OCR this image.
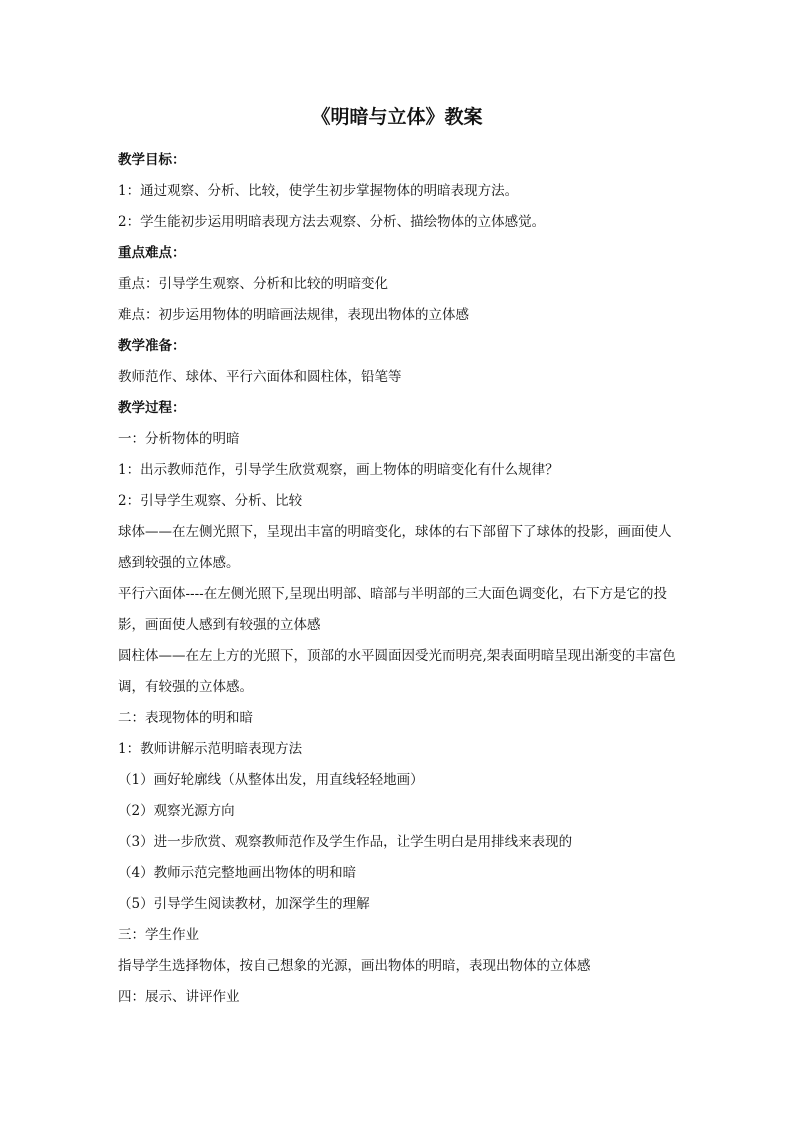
《明暗与立体》教案
教学目标：
1：通过观察、分析、比较，使学生初步掌握物体的明暗表现方法。
2：学生能初步运用明暗表现方法去观察、分析、描绘物体的立体感觉。
重点难点：
重点：引导学生观察、分析和比较的明暗变化
难点：初步运用物体的明暗画法规律，表现出物体的立体感
教学准备：
教师范作、球体、平行六面体和圆柱体，铅笔等
教学过程：
一：分析物体的明暗
1：出示教师范作，引导学生欣赏观察，画上物体的明暗变化有什么规律？
2：引导学生观察、分析、比较
球体——在左侧光照下，呈现出丰富的明暗变化，球体的右下部留下了球体的投影，画面使人感到较强的立体感。
平行六面体----在左侧光照下,呈现出明部、暗部与半明部的三大面色调变化，右下方是它的投影，画面使人感到有较强的立体感
圆柱体——在左上方的光照下，顶部的水平圆面因受光而明亮,架表面明暗呈现出渐变的丰富色调，有较强的立体感。
二：表现物体的明和暗
1：教师讲解示范明暗表现方法
（1）画好轮廓线（从整体出发，用直线轻轻地画）
（2）观察光源方向
（3）进一步欣赏、观察教师范作及学生作品，让学生明白是用排线来表现的
（4）教师示范完整地画出物体的明和暗
（5）引导学生阅读教材，加深学生的理解
三：学生作业
指导学生选择物体，按自己想象的光源，画出物体的明暗，表现出物体的立体感
四：展示、讲评作业
